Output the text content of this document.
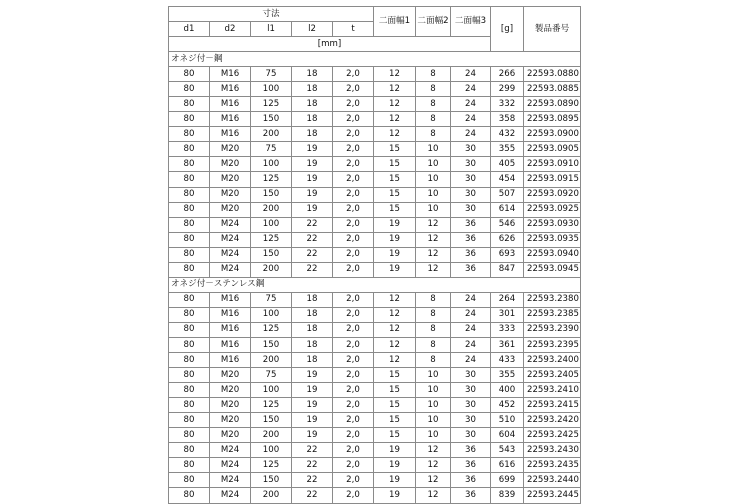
寸法					二面幅1	二面幅2	二面幅3	[g]	製品番号
d1	d2	l1	l2	t					
[mm]									
オネジ付－鋼									
80	M16	75	18	2,0	12	8	24	266	22593.0880
80	M16	100	18	2,0	12	8	24	299	22593.0885
80	M16	125	18	2,0	12	8	24	332	22593.0890
80	M16	150	18	2,0	12	8	24	358	22593.0895
80	M16	200	18	2,0	12	8	24	432	22593.0900
80	M20	75	19	2,0	15	10	30	355	22593.0905
80	M20	100	19	2,0	15	10	30	405	22593.0910
80	M20	125	19	2,0	15	10	30	454	22593.0915
80	M20	150	19	2,0	15	10	30	507	22593.0920
80	M20	200	19	2,0	15	10	30	614	22593.0925
80	M24	100	22	2,0	19	12	36	546	22593.0930
80	M24	125	22	2,0	19	12	36	626	22593.0935
80	M24	150	22	2,0	19	12	36	693	22593.0940
80	M24	200	22	2,0	19	12	36	847	22593.0945
オネジ付－ステンレス鋼									
80	M16	75	18	2,0	12	8	24	264	22593.2380
80	M16	100	18	2,0	12	8	24	301	22593.2385
80	M16	125	18	2,0	12	8	24	333	22593.2390
80	M16	150	18	2,0	12	8	24	361	22593.2395
80	M16	200	18	2,0	12	8	24	433	22593.2400
80	M20	75	19	2,0	15	10	30	355	22593.2405
80	M20	100	19	2,0	15	10	30	400	22593.2410
80	M20	125	19	2,0	15	10	30	452	22593.2415
80	M20	150	19	2,0	15	10	30	510	22593.2420
80	M20	200	19	2,0	15	10	30	604	22593.2425
80	M24	100	22	2,0	19	12	36	543	22593.2430
80	M24	125	22	2,0	19	12	36	616	22593.2435
80	M24	150	22	2,0	19	12	36	699	22593.2440
80	M24	200	22	2,0	19	12	36	839	22593.2445
